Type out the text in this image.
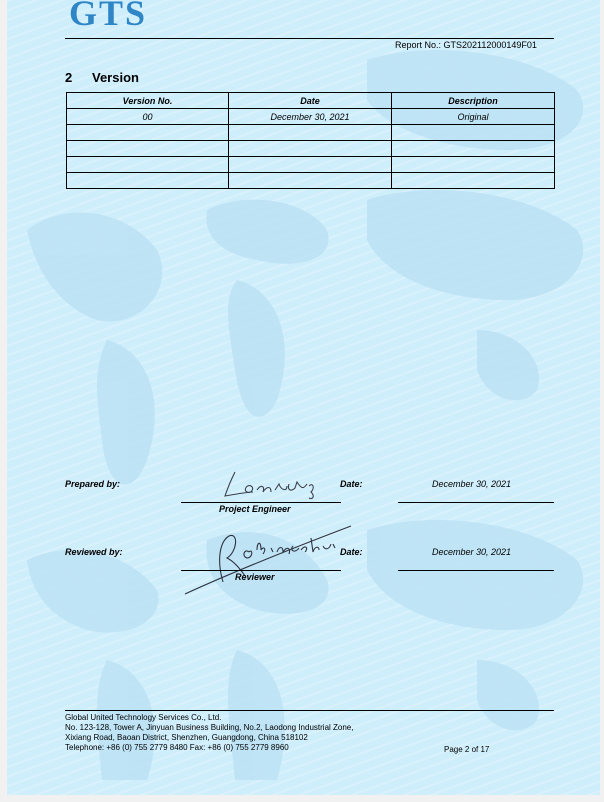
GTS
Report No.: GTS202112000149F01
2 Version
Version No.	Date	Description
00	December 30, 2021	Original

Prepared by:
Project Engineer
Date:	December 30, 2021
Reviewed by:
Reviewer
Date:	December 30, 2021
Global United Technology Services Co., Ltd.
No. 123-128, Tower A, Jinyuan Business Building, No.2, Laodong Industrial Zone,
Xixiang Road, Baoan District, Shenzhen, Guangdong, China 518102
Telephone: +86 (0) 755 2779 8480 Fax: +86 (0) 755 2779 8960	Page 2 of 17
